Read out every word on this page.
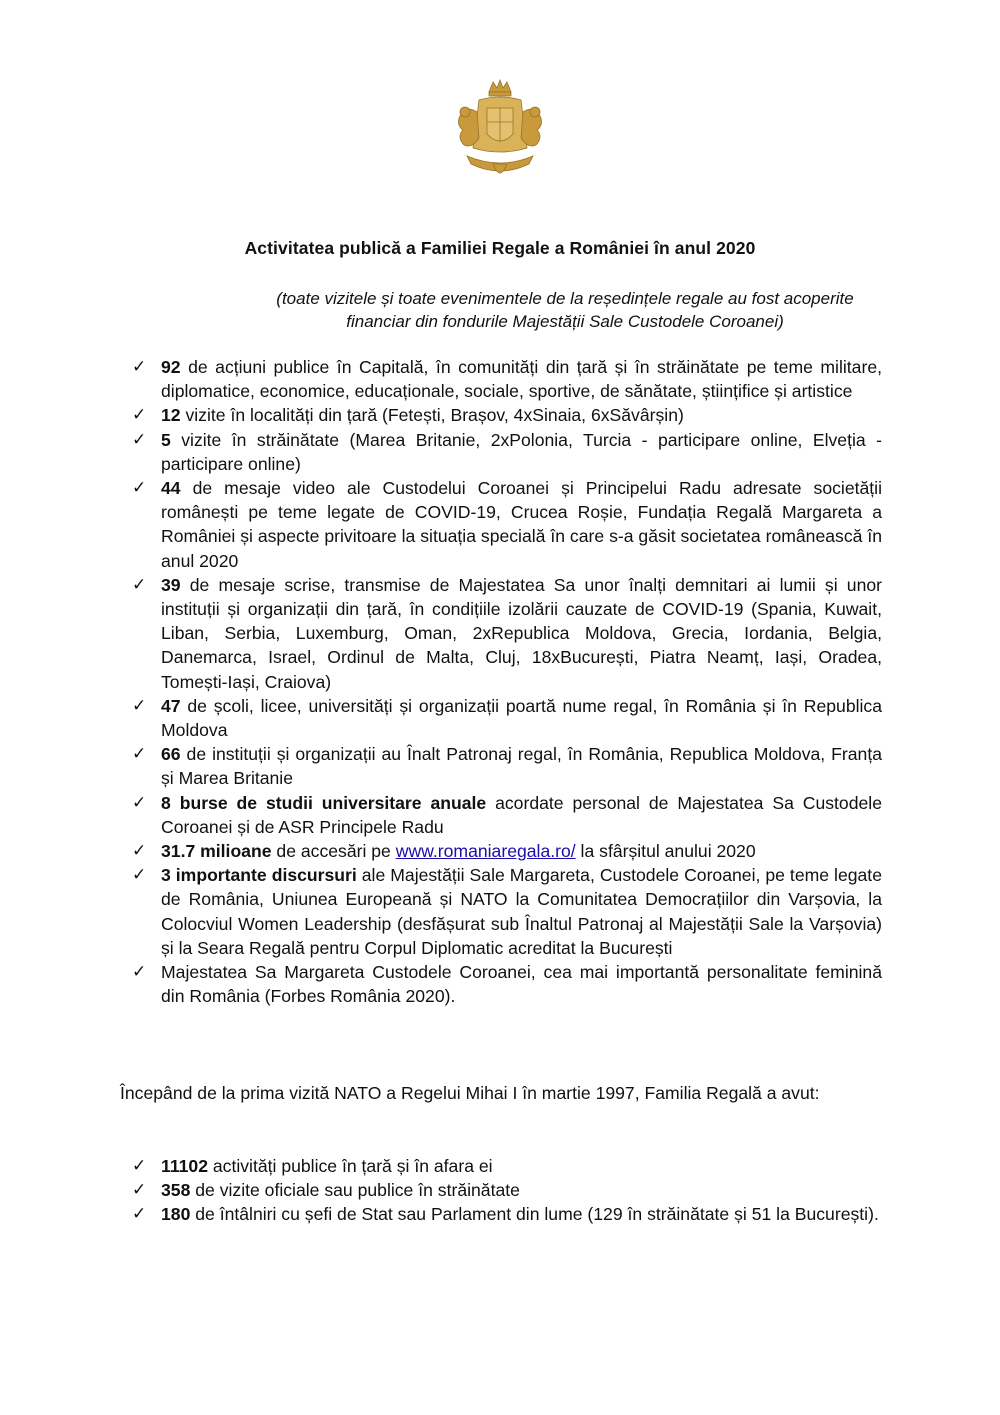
Activitatea publică a Familiei Regale a României în anul 2020
(toate vizitele și toate evenimentele de la reședințele regale au fost acoperite
financiar din fondurile Majestății Sale Custodele Coroanei)
✓ 92 de acțiuni publice în Capitală, în comunități din țară și în străinătate pe teme militare, diplomatice, economice, educaționale, sociale, sportive, de sănătate, științifice și artistice
✓ 12 vizite în localități din țară (Fetești, Brașov, 4xSinaia, 6xSăvârșin)
✓ 5 vizite în străinătate (Marea Britanie, 2xPolonia, Turcia - participare online, Elveția - participare online)
✓ 44 de mesaje video ale Custodelui Coroanei și Principelui Radu adresate societății românești pe teme legate de COVID-19, Crucea Roșie, Fundația Regală Margareta a României și aspecte privitoare la situația specială în care s-a găsit societatea românească în anul 2020
✓ 39 de mesaje scrise, transmise de Majestatea Sa unor înalți demnitari ai lumii și unor instituții și organizații din țară, în condițiile izolării cauzate de COVID-19 (Spania, Kuwait, Liban, Serbia, Luxemburg, Oman, 2xRepublica Moldova, Grecia, Iordania, Belgia, Danemarca, Israel, Ordinul de Malta, Cluj, 18xBucurești, Piatra Neamț, Iași, Oradea, Tomești-Iași, Craiova)
✓ 47 de școli, licee, universități și organizații poartă nume regal, în România și în Republica Moldova
✓ 66 de instituții și organizații au Înalt Patronaj regal, în România, Republica Moldova, Franța și Marea Britanie
✓ 8 burse de studii universitare anuale acordate personal de Majestatea Sa Custodele Coroanei și de ASR Principele Radu
✓ 31.7 milioane de accesări pe www.romaniaregala.ro/ la sfârșitul anului 2020
✓ 3 importante discursuri ale Majestății Sale Margareta, Custodele Coroanei, pe teme legate de România, Uniunea Europeană și NATO la Comunitatea Democrațiilor din Varșovia, la Colocviul Women Leadership (desfășurat sub Înaltul Patronaj al Majestății Sale la Varșovia) și la Seara Regală pentru Corpul Diplomatic acreditat la București
✓ Majestatea Sa Margareta Custodele Coroanei, cea mai importantă personalitate feminină din România (Forbes România 2020).

Începând de la prima vizită NATO a Regelui Mihai I în martie 1997, Familia Regală a avut:

✓ 11102 activități publice în țară și în afara ei
✓ 358 de vizite oficiale sau publice în străinătate
✓ 180 de întâlniri cu șefi de Stat sau Parlament din lume (129 în străinătate și 51 la București).
